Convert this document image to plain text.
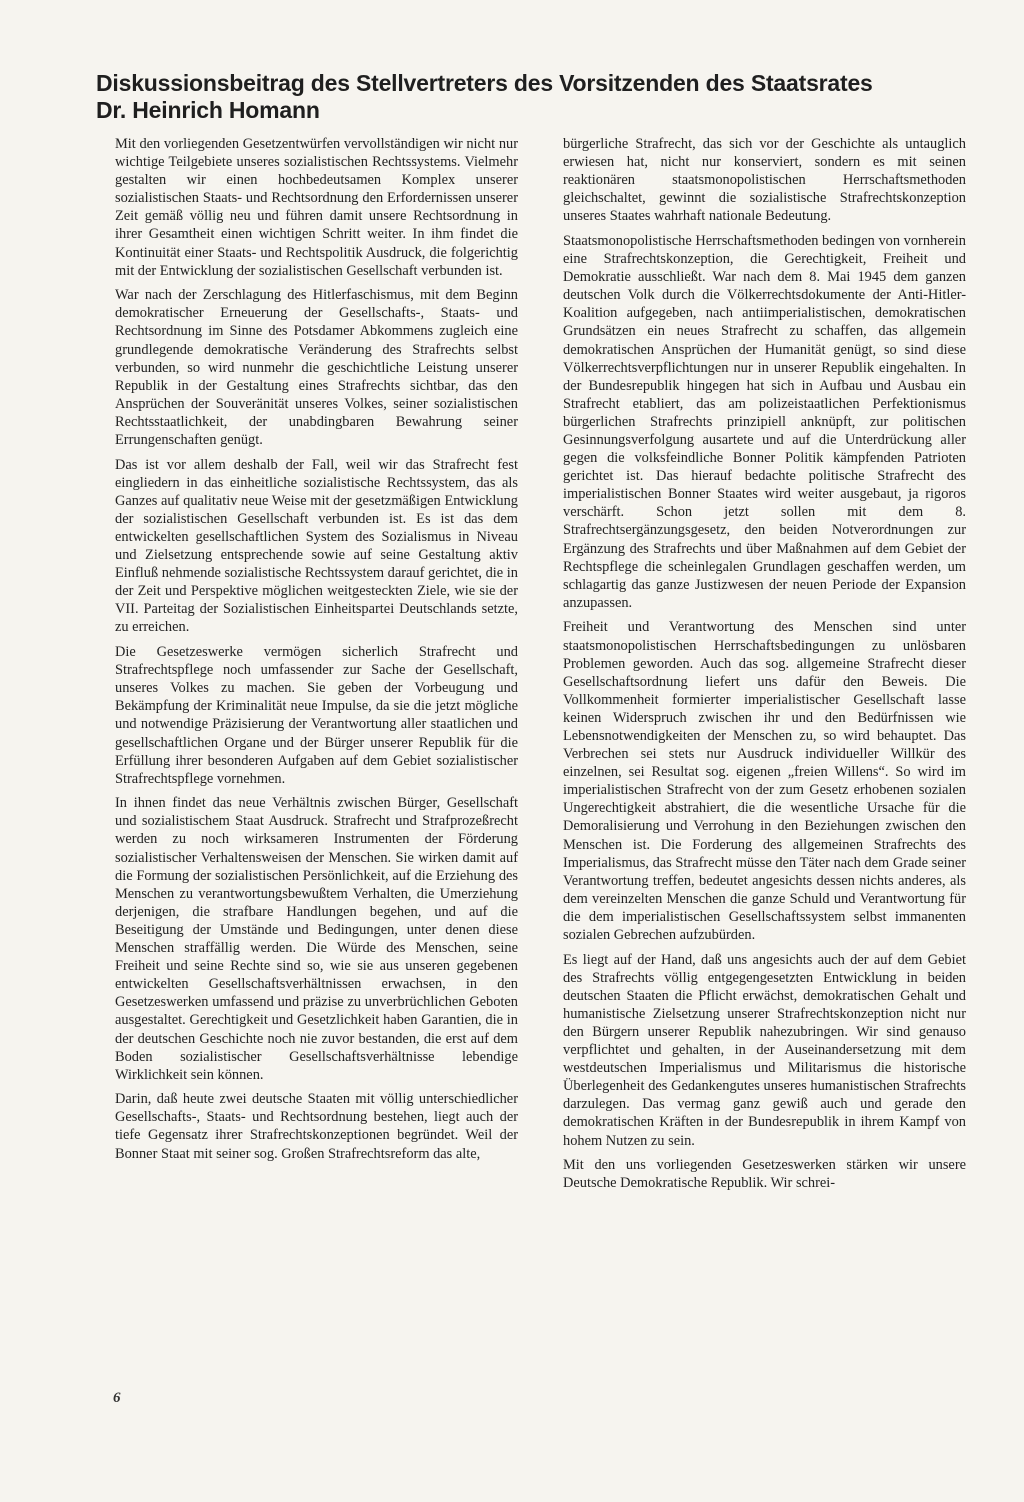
Diskussionsbeitrag des Stellvertreters des Vorsitzenden des Staatsrates
Dr. Heinrich Homann

Mit den vorliegenden Gesetzentwürfen vervollständigen wir nicht nur wichtige Teilgebiete unseres sozialistischen Rechtssystems. Vielmehr gestalten wir einen hochbedeutsamen Komplex unserer sozialistischen Staats- und Rechtsordnung den Erfordernissen unserer Zeit gemäß völlig neu und führen damit unsere Rechtsordnung in ihrer Gesamtheit einen wichtigen Schritt weiter. In ihm findet die Kontinuität einer Staats- und Rechtspolitik Ausdruck, die folgerichtig mit der Entwicklung der sozialistischen Gesellschaft verbunden ist.

War nach der Zerschlagung des Hitlerfaschismus, mit dem Beginn demokratischer Erneuerung der Gesellschafts-, Staats- und Rechtsordnung im Sinne des Potsdamer Abkommens zugleich eine grundlegende demokratische Veränderung des Strafrechts selbst verbunden, so wird nunmehr die geschichtliche Leistung unserer Republik in der Gestaltung eines Strafrechts sichtbar, das den Ansprüchen der Souveränität unseres Volkes, seiner sozialistischen Rechtsstaatlichkeit, der unabdingbaren Bewahrung seiner Errungenschaften genügt.

Das ist vor allem deshalb der Fall, weil wir das Strafrecht fest eingliedern in das einheitliche sozialistische Rechtssystem, das als Ganzes auf qualitativ neue Weise mit der gesetzmäßigen Entwicklung der sozialistischen Gesellschaft verbunden ist. Es ist das dem entwickelten gesellschaftlichen System des Sozialismus in Niveau und Zielsetzung entsprechende sowie auf seine Gestaltung aktiv Einfluß nehmende sozialistische Rechtssystem darauf gerichtet, die in der Zeit und Perspektive möglichen weitgesteckten Ziele, wie sie der VII. Parteitag der Sozialistischen Einheitspartei Deutschlands setzte, zu erreichen.

Die Gesetzeswerke vermögen sicherlich Strafrecht und Strafrechtspflege noch umfassender zur Sache der Gesellschaft, unseres Volkes zu machen. Sie geben der Vorbeugung und Bekämpfung der Kriminalität neue Impulse, da sie die jetzt mögliche und notwendige Präzisierung der Verantwortung aller staatlichen und gesellschaftlichen Organe und der Bürger unserer Republik für die Erfüllung ihrer besonderen Aufgaben auf dem Gebiet sozialistischer Strafrechtspflege vornehmen.

In ihnen findet das neue Verhältnis zwischen Bürger, Gesellschaft und sozialistischem Staat Ausdruck. Strafrecht und Strafprozeßrecht werden zu noch wirksameren Instrumenten der Förderung sozialistischer Verhaltensweisen der Menschen. Sie wirken damit auf die Formung der sozialistischen Persönlichkeit, auf die Erziehung des Menschen zu verantwortungsbewußtem Verhalten, die Umerziehung derjenigen, die strafbare Handlungen begehen, und auf die Beseitigung der Umstände und Bedingungen, unter denen diese Menschen straffällig werden. Die Würde des Menschen, seine Freiheit und seine Rechte sind so, wie sie aus unseren gegebenen entwickelten Gesellschaftsverhältnissen erwachsen, in den Gesetzeswerken umfassend und präzise zu unverbrüchlichen Geboten ausgestaltet. Gerechtigkeit und Gesetzlichkeit haben Garantien, die in der deutschen Geschichte noch nie zuvor bestanden, die erst auf dem Boden sozialistischer Gesellschaftsverhältnisse lebendige Wirklichkeit sein können.

Darin, daß heute zwei deutsche Staaten mit völlig unterschiedlicher Gesellschafts-, Staats- und Rechtsordnung bestehen, liegt auch der tiefe Gegensatz ihrer Strafrechtskonzeptionen begründet. Weil der Bonner Staat mit seiner sog. Großen Strafrechtsreform das alte,

bürgerliche Strafrecht, das sich vor der Geschichte als untauglich erwiesen hat, nicht nur konserviert, sondern es mit seinen reaktionären staatsmonopolistischen Herrschaftsmethoden gleichschaltet, gewinnt die sozialistische Strafrechtskonzeption unseres Staates wahrhaft nationale Bedeutung.

Staatsmonopolistische Herrschaftsmethoden bedingen von vornherein eine Strafrechtskonzeption, die Gerechtigkeit, Freiheit und Demokratie ausschließt. War nach dem 8. Mai 1945 dem ganzen deutschen Volk durch die Völkerrechtsdokumente der Anti-Hitler-Koalition aufgegeben, nach antiimperialistischen, demokratischen Grundsätzen ein neues Strafrecht zu schaffen, das allgemein demokratischen Ansprüchen der Humanität genügt, so sind diese Völkerrechtsverpflichtungen nur in unserer Republik eingehalten. In der Bundesrepublik hingegen hat sich in Aufbau und Ausbau ein Strafrecht etabliert, das am polizeistaatlichen Perfektionismus bürgerlichen Strafrechts prinzipiell anknüpft, zur politischen Gesinnungsverfolgung ausartete und auf die Unterdrückung aller gegen die volksfeindliche Bonner Politik kämpfenden Patrioten gerichtet ist. Das hierauf bedachte politische Strafrecht des imperialistischen Bonner Staates wird weiter ausgebaut, ja rigoros verschärft. Schon jetzt sollen mit dem 8. Strafrechtsergänzungsgesetz, den beiden Notverordnungen zur Ergänzung des Strafrechts und über Maßnahmen auf dem Gebiet der Rechtspflege die scheinlegalen Grundlagen geschaffen werden, um schlagartig das ganze Justizwesen der neuen Periode der Expansion anzupassen.

Freiheit und Verantwortung des Menschen sind unter staatsmonopolistischen Herrschaftsbedingungen zu unlösbaren Problemen geworden. Auch das sog. allgemeine Strafrecht dieser Gesellschaftsordnung liefert uns dafür den Beweis. Die Vollkommenheit formierter imperialistischer Gesellschaft lasse keinen Widerspruch zwischen ihr und den Bedürfnissen wie Lebensnotwendigkeiten der Menschen zu, so wird behauptet. Das Verbrechen sei stets nur Ausdruck individueller Willkür des einzelnen, sei Resultat sog. eigenen „freien Willens“. So wird im imperialistischen Strafrecht von der zum Gesetz erhobenen sozialen Ungerechtigkeit abstrahiert, die die wesentliche Ursache für die Demoralisierung und Verrohung in den Beziehungen zwischen den Menschen ist. Die Forderung des allgemeinen Strafrechts des Imperialismus, das Strafrecht müsse den Täter nach dem Grade seiner Verantwortung treffen, bedeutet angesichts dessen nichts anderes, als dem vereinzelten Menschen die ganze Schuld und Verantwortung für die dem imperialistischen Gesellschaftssystem selbst immanenten sozialen Gebrechen aufzubürden.

Es liegt auf der Hand, daß uns angesichts auch der auf dem Gebiet des Strafrechts völlig entgegengesetzten Entwicklung in beiden deutschen Staaten die Pflicht erwächst, demokratischen Gehalt und humanistische Zielsetzung unserer Strafrechtskonzeption nicht nur den Bürgern unserer Republik nahezubringen. Wir sind genauso verpflichtet und gehalten, in der Auseinandersetzung mit dem westdeutschen Imperialismus und Militarismus die historische Überlegenheit des Gedankengutes unseres humanistischen Strafrechts darzulegen. Das vermag ganz gewiß auch und gerade den demokratischen Kräften in der Bundesrepublik in ihrem Kampf von hohem Nutzen zu sein.

Mit den uns vorliegenden Gesetzeswerken stärken wir unsere Deutsche Demokratische Republik. Wir schrei-

6
